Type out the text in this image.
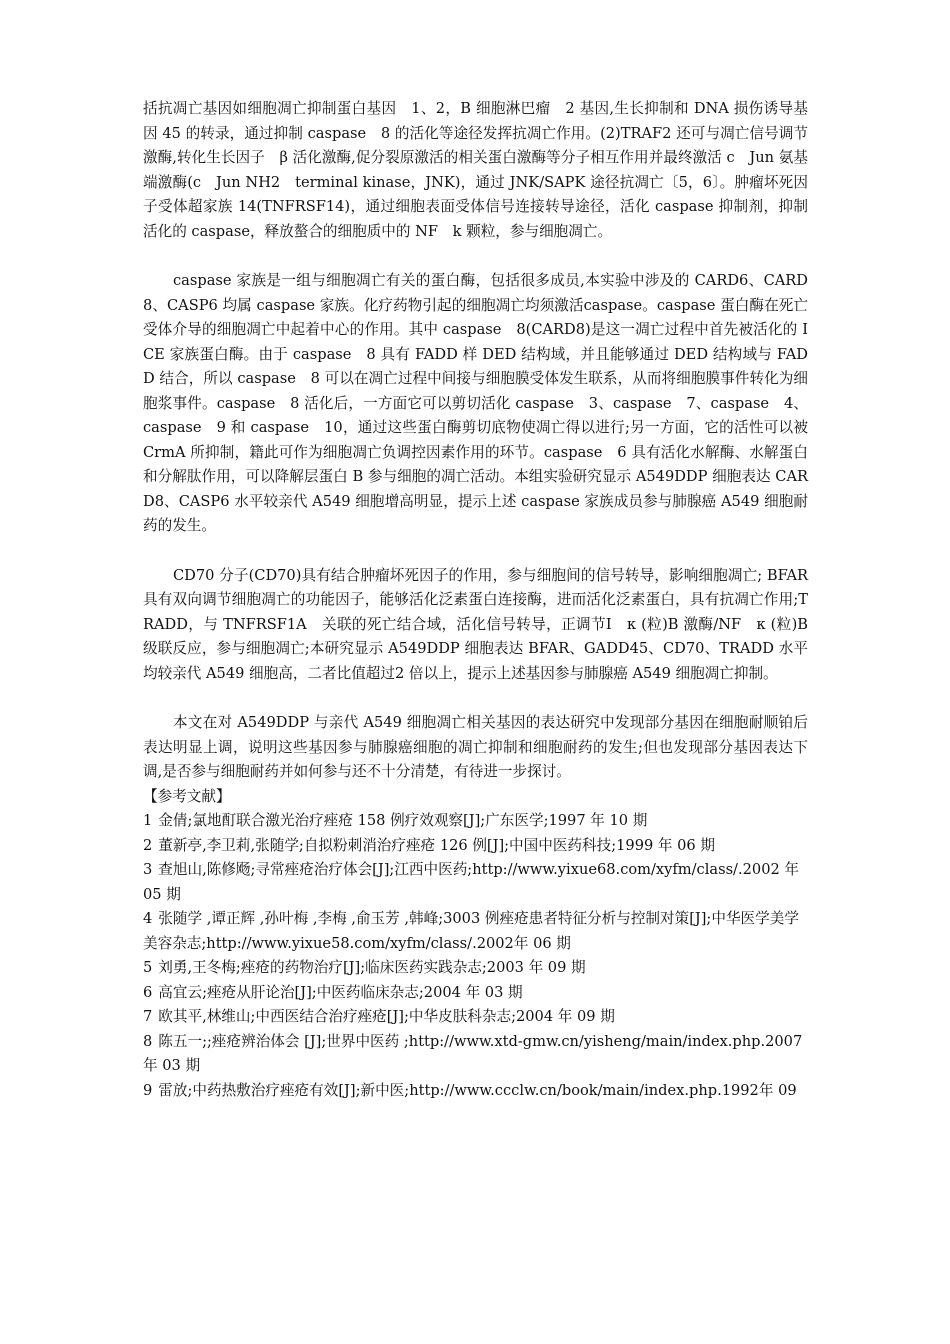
括抗凋亡基因如细胞凋亡抑制蛋白基因　1、2，B 细胞淋巴瘤　2 基因,生长抑制和 DNA 损伤诱导基因 45 的转录，通过抑制 caspase　8 的活化等途径发挥抗凋亡作用。(2)TRAF2 还可与凋亡信号调节激酶,转化生长因子　β 活化激酶,促分裂原激活的相关蛋白激酶等分子相互作用并最终激活 c　Jun 氨基端激酶(c　Jun NH2　terminal kinase，JNK)，通过 JNK/SAPK 途径抗凋亡〔5，6〕。肿瘤坏死因子受体超家族 14(TNFRSF14)，通过细胞表面受体信号连接转导途径，活化 caspase 抑制剂，抑制活化的 caspase，释放螯合的细胞质中的 NF　k 颗粒，参与细胞凋亡。

caspase 家族是一组与细胞凋亡有关的蛋白酶，包括很多成员,本实验中涉及的 CARD6、CARD8、CASP6 均属 caspase 家族。化疗药物引起的细胞凋亡均须激活caspase。caspase 蛋白酶在死亡受体介导的细胞凋亡中起着中心的作用。其中 caspase　8(CARD8)是这一凋亡过程中首先被活化的 ICE 家族蛋白酶。由于 caspase　8 具有 FADD 样 DED 结构域，并且能够通过 DED 结构域与 FADD 结合，所以 caspase　8 可以在凋亡过程中间接与细胞膜受体发生联系，从而将细胞膜事件转化为细胞浆事件。caspase　8 活化后，一方面它可以剪切活化 caspase　3、caspase　7、caspase　4、caspase　9 和 caspase　10，通过这些蛋白酶剪切底物使凋亡得以进行;另一方面，它的活性可以被 CrmA 所抑制，籍此可作为细胞凋亡负调控因素作用的环节。caspase　6 具有活化水解酶、水解蛋白和分解肽作用，可以降解层蛋白 B 参与细胞的凋亡活动。本组实验研究显示 A549DDP 细胞表达 CARD8、CASP6 水平较亲代 A549 细胞增高明显，提示上述 caspase 家族成员参与肺腺癌 A549 细胞耐药的发生。

CD70 分子(CD70)具有结合肿瘤坏死因子的作用，参与细胞间的信号转导，影响细胞凋亡; BFAR 具有双向调节细胞凋亡的功能因子，能够活化泛素蛋白连接酶，进而活化泛素蛋白，具有抗凋亡作用;TRADD，与 TNFRSF1A　关联的死亡结合域，活化信号转导，正调节Ⅰ　κ (粒)B 激酶/NF　κ (粒)B 级联反应，参与细胞凋亡;本研究显示 A549DDP 细胞表达 BFAR、GADD45、CD70、TRADD 水平均较亲代 A549 细胞高，二者比值超过2 倍以上，提示上述基因参与肺腺癌 A549 细胞凋亡抑制。

本文在对 A549DDP 与亲代 A549 细胞凋亡相关基因的表达研究中发现部分基因在细胞耐顺铂后表达明显上调，说明这些基因参与肺腺癌细胞的凋亡抑制和细胞耐药的发生;但也发现部分基因表达下调,是否参与细胞耐药并如何参与还不十分清楚，有待进一步探讨。

【参考文献】

1 金倩;氯地酊联合激光治疗痤疮 158 例疗效观察[J];广东医学;1997 年 10 期

2 董新亭,李卫莉,张随学;自拟粉刺消治疗痤疮 126 例[J];中国中医药科技;1999 年 06 期

3 查旭山,陈修飏;寻常痤疮治疗体会[J];江西中医药;http://www.yixue68.com/xyfm/class/.2002 年 05 期

4 张随学 ,谭正辉 ,孙叶梅 ,李梅 ,俞玉芳 ,韩峰;3003 例痤疮患者特征分析与控制对策[J];中华医学美学美容杂志;http://www.yixue58.com/xyfm/class/.2002年 06 期

5 刘勇,王冬梅;痤疮的药物治疗[J];临床医药实践杂志;2003 年 09 期

6 高宜云;痤疮从肝论治[J];中医药临床杂志;2004 年 03 期

7 欧其平,林维山;中西医结合治疗痤疮[J];中华皮肤科杂志;2004 年 09 期

8 陈五一;;痤疮辨治体会 [J];世界中医药 ;http://www.xtd-gmw.cn/yisheng/main/index.php.2007 年 03 期

9 雷放;中药热敷治疗痤疮有效[J];新中医;http://www.ccclw.cn/book/main/index.php.1992年 09
